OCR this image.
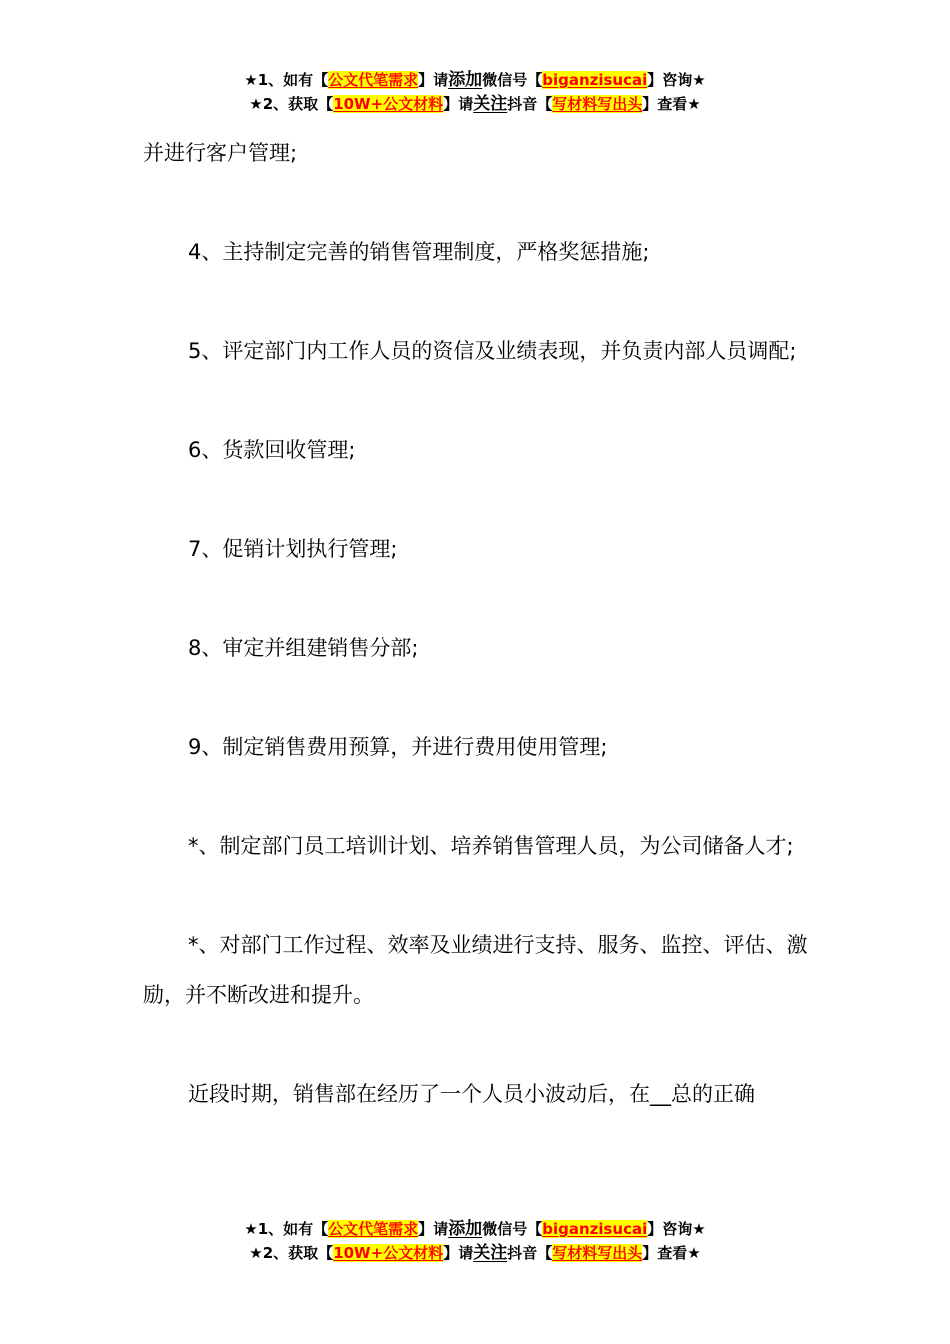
★1、如有【公文代笔需求】请添加微信号【biganzisucai】咨询★
★2、获取【10W+公文材料】请关注抖音【写材料写出头】查看★

并进行客户管理;

4、主持制定完善的销售管理制度，严格奖惩措施;

5、评定部门内工作人员的资信及业绩表现，并负责内部人员调配;

6、货款回收管理;

7、促销计划执行管理;

8、审定并组建销售分部;

9、制定销售费用预算，并进行费用使用管理;

*、制定部门员工培训计划、培养销售管理人员，为公司储备人才;

*、对部门工作过程、效率及业绩进行支持、服务、监控、评估、激励，并不断改进和提升。

近段时期，销售部在经历了一个人员小波动后，在__总的正确

★1、如有【公文代笔需求】请添加微信号【biganzisucai】咨询★
★2、获取【10W+公文材料】请关注抖音【写材料写出头】查看★
